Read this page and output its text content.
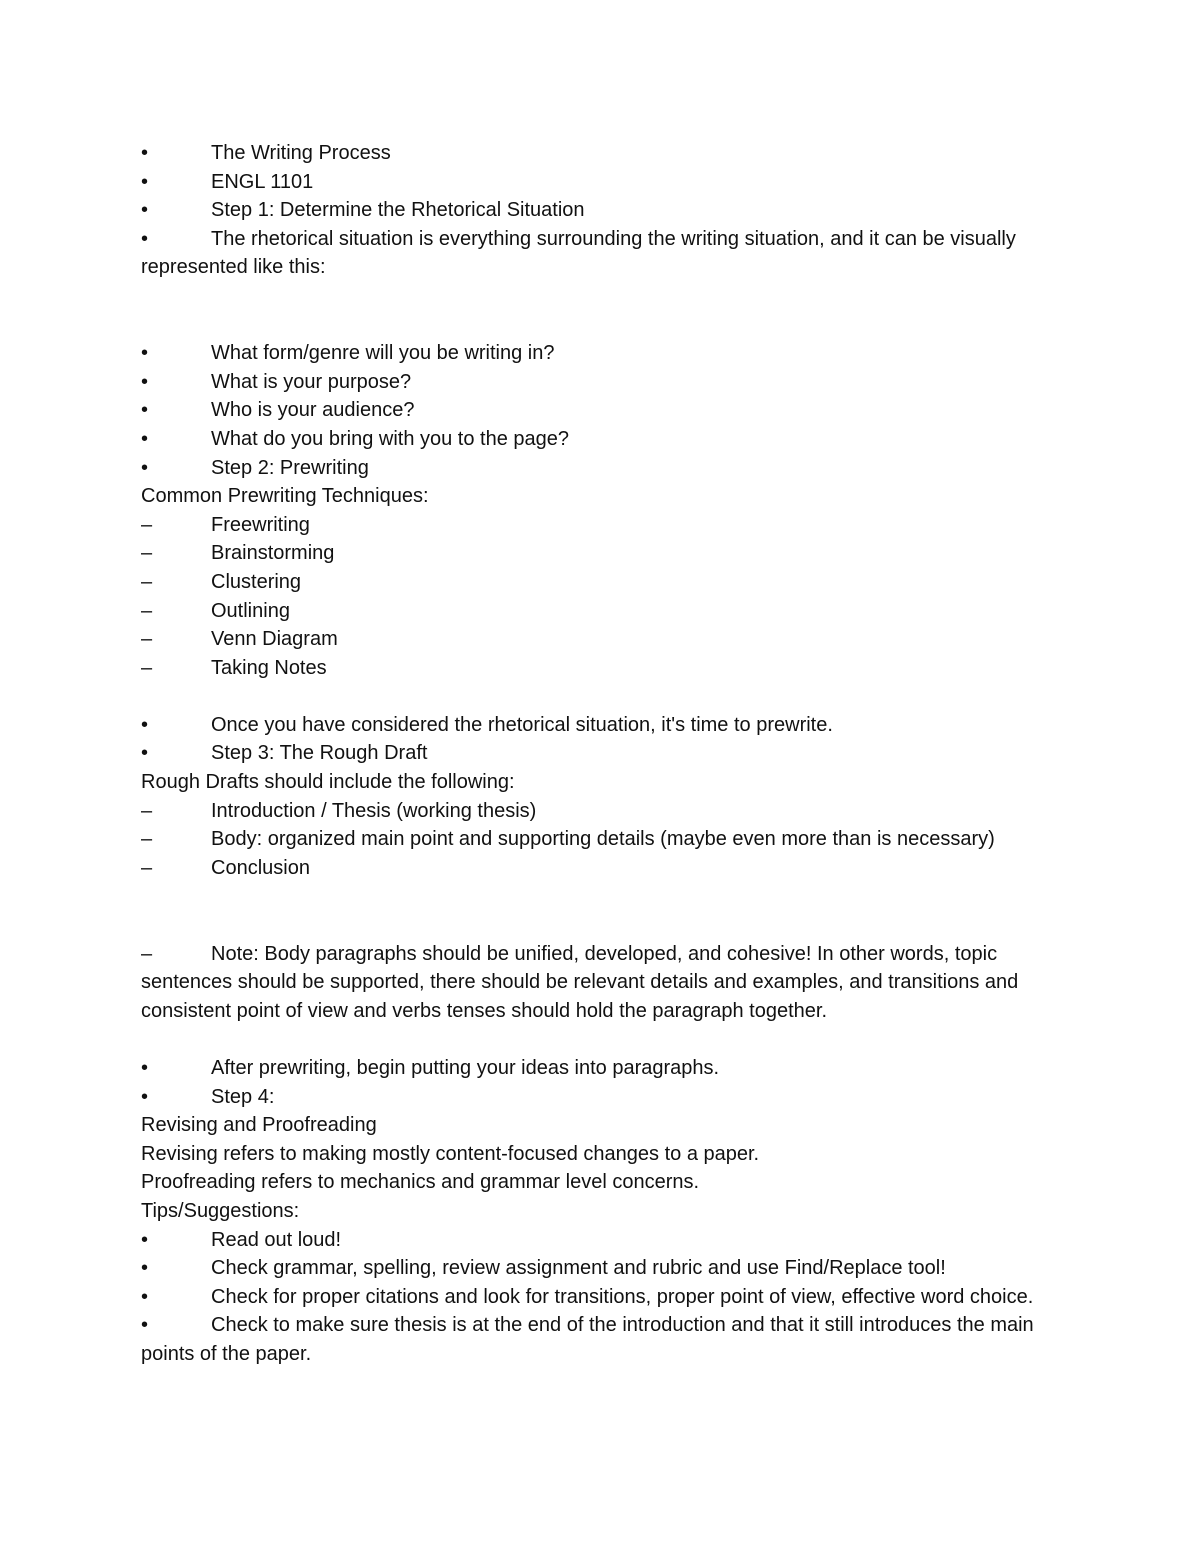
•	The Writing Process

•	ENGL 1101

•	Step 1: Determine the Rhetorical Situation

•	The rhetorical situation is everything surrounding the writing situation, and it can be visually represented like this:

•	What form/genre will you be writing in?

•	What is your purpose?

•	Who is your audience?

•	What do you bring with you to the page?

•	Step 2: Prewriting

Common Prewriting Techniques:

–	Freewriting

–	Brainstorming

–	Clustering

–	Outlining

–	Venn Diagram

–	Taking Notes

•	Once you have considered the rhetorical situation, it's time to prewrite.

•	Step 3: The Rough Draft

Rough Drafts should include the following:

–	Introduction / Thesis (working thesis)

–	Body: organized main point and supporting details (maybe even more than is necessary)

–	Conclusion

–	Note: Body paragraphs should be unified, developed, and cohesive! In other words, topic sentences should be supported, there should be relevant details and examples, and transitions and consistent point of view and verbs tenses should hold the paragraph together.

•	After prewriting, begin putting your ideas into paragraphs.

•	Step 4:

Revising and Proofreading

Revising refers to making mostly content-focused changes to a paper.

Proofreading refers to mechanics and grammar level concerns.

Tips/Suggestions:

•	Read out loud!

•	Check grammar, spelling, review assignment and rubric and use Find/Replace tool!

•	Check for proper citations and look for transitions, proper point of view, effective word choice.

•	Check to make sure thesis is at the end of the introduction and that it still introduces the main points of the paper.
